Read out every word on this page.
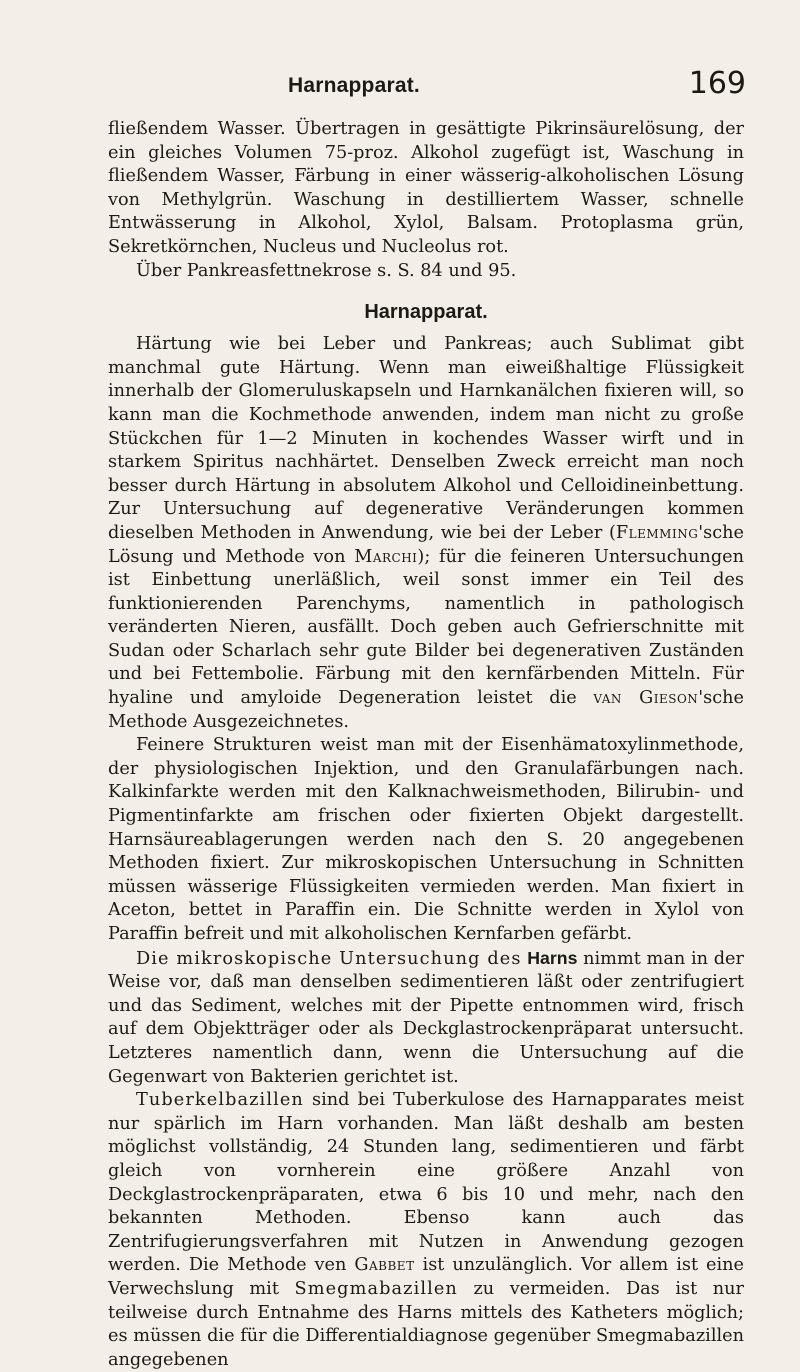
Harnapparat.	169

fließendem Wasser. Übertragen in gesättigte Pikrinsäurelösung, der ein gleiches Volumen 75-proz. Alkohol zugefügt ist, Waschung in fließendem Wasser, Färbung in einer wässerig-alkoholischen Lösung von Methylgrün. Waschung in destilliertem Wasser, schnelle Entwässerung in Alkohol, Xylol, Balsam. Protoplasma grün, Sekretkörnchen, Nucleus und Nucleolus rot.

Über Pankreasfettnekrose s. S. 84 und 95.

Harnapparat.

Härtung wie bei Leber und Pankreas; auch Sublimat gibt manchmal gute Härtung. Wenn man eiweißhaltige Flüssigkeit innerhalb der Glomeruluskapseln und Harnkanälchen fixieren will, so kann man die Kochmethode anwenden, indem man nicht zu große Stückchen für 1—2 Minuten in kochendes Wasser wirft und in starkem Spiritus nachhärtet. Denselben Zweck erreicht man noch besser durch Härtung in absolutem Alkohol und Celloidineinbettung. Zur Untersuchung auf degenerative Veränderungen kommen dieselben Methoden in Anwendung, wie bei der Leber (Flemming'sche Lösung und Methode von Marchi); für die feineren Untersuchungen ist Einbettung unerläßlich, weil sonst immer ein Teil des funktionierenden Parenchyms, namentlich in pathologisch veränderten Nieren, ausfällt. Doch geben auch Gefrierschnitte mit Sudan oder Scharlach sehr gute Bilder bei degenerativen Zuständen und bei Fettembolie. Färbung mit den kernfärbenden Mitteln. Für hyaline und amyloide Degeneration leistet die van Gieson'sche Methode Ausgezeichnetes.

Feinere Strukturen weist man mit der Eisenhämatoxylinmethode, der physiologischen Injektion, und den Granulafärbungen nach. Kalkinfarkte werden mit den Kalknachweismethoden, Bilirubin- und Pigmentinfarkte am frischen oder fixierten Objekt dargestellt. Harnsäureablagerungen werden nach den S. 20 angegebenen Methoden fixiert. Zur mikroskopischen Untersuchung in Schnitten müssen wässerige Flüssigkeiten vermieden werden. Man fixiert in Aceton, bettet in Paraffin ein. Die Schnitte werden in Xylol von Paraffin befreit und mit alkoholischen Kernfarben gefärbt.

Die mikroskopische Untersuchung des Harns nimmt man in der Weise vor, daß man denselben sedimentieren läßt oder zentrifugiert und das Sediment, welches mit der Pipette entnommen wird, frisch auf dem Objektträger oder als Deckglastrockenpräparat untersucht. Letzteres namentlich dann, wenn die Untersuchung auf die Gegenwart von Bakterien gerichtet ist.

Tuberkelbazillen sind bei Tuberkulose des Harnapparates meist nur spärlich im Harn vorhanden. Man läßt deshalb am besten möglichst vollständig, 24 Stunden lang, sedimentieren und färbt gleich von vornherein eine größere Anzahl von Deckglastrockenpräparaten, etwa 6 bis 10 und mehr, nach den bekannten Methoden. Ebenso kann auch das Zentrifugierungsverfahren mit Nutzen in Anwendung gezogen werden. Die Methode ven Gabbet ist unzulänglich. Vor allem ist eine Verwechslung mit Smegmabazillen zu vermeiden. Das ist nur teilweise durch Entnahme des Harns mittels des Katheters möglich; es müssen die für die Differentialdiagnose gegenüber Smegmabazillen angegebenen
